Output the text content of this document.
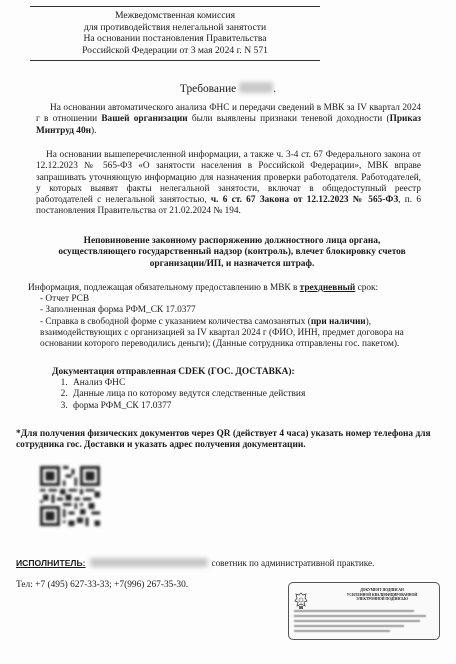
Межведомственная комиссия
для противодействия нелегальной занятости
На основании постановления Правительства
Российской Федерации от 3 мая 2024 г. N 571
Требование	.
На основании автоматического анализа ФНС и передачи сведений в МВК за IV квартал 2024 г в отношении Вашей организации были выявлены признаки теневой доходности (Приказ Минтруд 40н).
На основании вышеперечисленной информации, а также ч. 3-4 ст. 67 Федерального закона от 12.12.2023 № 565-ФЗ «О занятости населения в Российской Федерации», МВК вправе запрашивать уточняющую информацию для назначения проверки работодателя. Работодателей, у которых выявят факты нелегальной занятости, включат в общедоступный реестр работодателей с нелегальной занятостью, ч. 6 ст. 67 Закона от 12.12.2023 № 565-ФЗ, п. 6 постановления Правительства от 21.02.2024 № 194.
Неповиновение законному распоряжению должностного лица органа, осуществляющего государственный надзор (контроль), влечет блокировку счетов организации/ИП, и назначется штраф.
Информация, подлежащая обязательному предоставлению в МВК в трехдневный срок:
- Отчет РСВ
- Заполненная форма РФМ_СК 17.0377
- Справка в свободной форме с указанием количества самозанятых (при наличии), взаимодействующих с организацией за IV квартал 2024 г (ФИО, ИНН, предмет договора на основании которого переводились деньги); (Данные сотрудника отправлены гос. пакетом).
Документация отправленная CDEK (ГОС. ДОСТАВКА):
1. Анализ ФНС
2. Данные лица по которому ведутся следственные действия
3. форма РФМ_СК 17.0377
*Для получения физических документов через QR (действует 4 часа) указать номер телефона для сотрудника гос. Доставки и указать адрес получения документации.
ИСПОЛНИТЕЛЬ:	советник по административной практике.
Тел: +7 (495) 627-33-33; +7(996) 267-35-30.	ДОКУМЕНТ ПОДПИСАН
УСИЛЕННОЙ КВАЛИФИЦИРОВАННОЙ
ЭЛЕКТРОННОЙ ПОДПИСЬЮ
